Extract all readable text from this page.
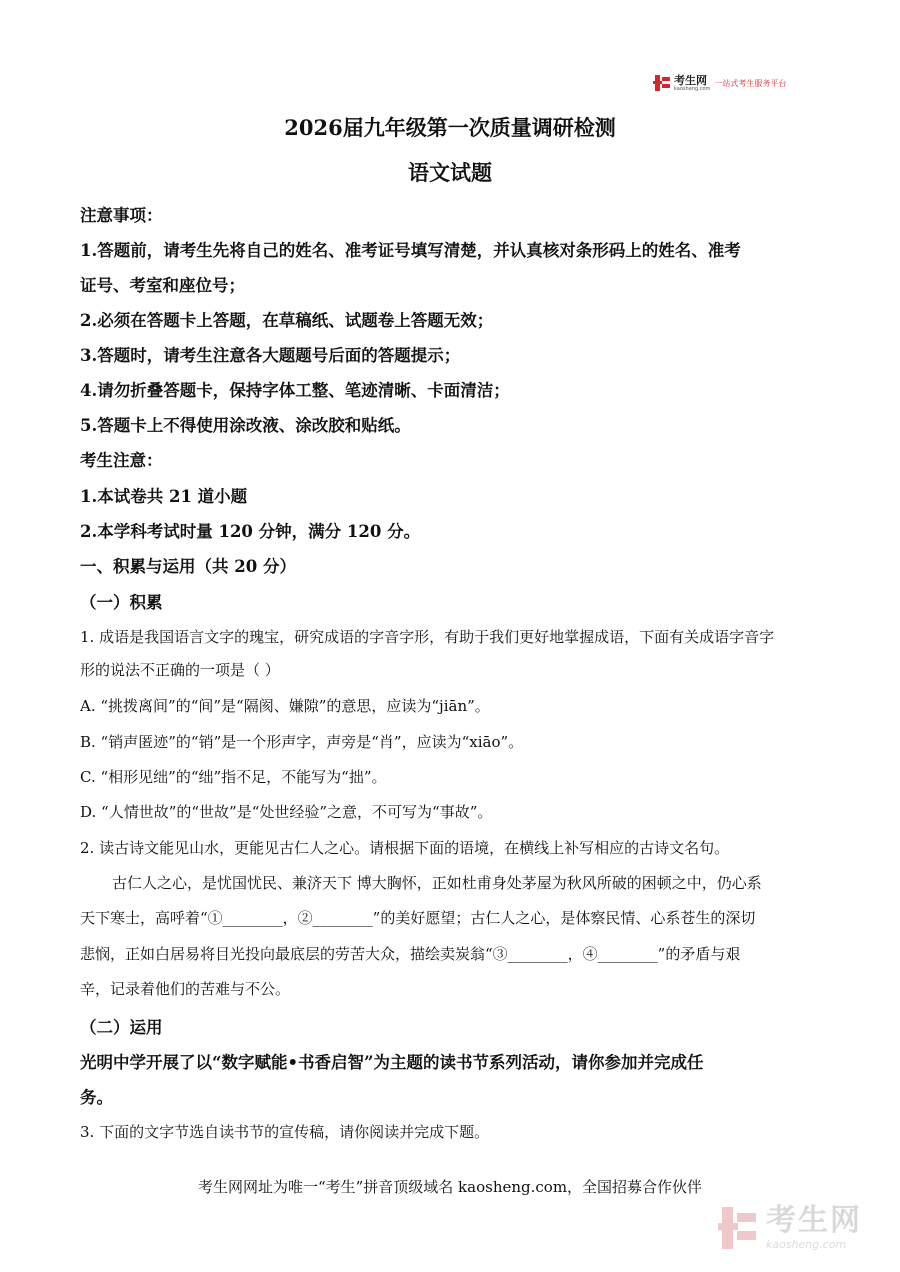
考生网
kaosheng.com
一站式考生服务平台
2026届九年级第一次质量调研检测
语文试题
注意事项：
1.答题前，请考生先将自己的姓名、准考证号填写清楚，并认真核对条形码上的姓名、准考
证号、考室和座位号；
2.必须在答题卡上答题，在草稿纸、试题卷上答题无效；
3.答题时，请考生注意各大题题号后面的答题提示；
4.请勿折叠答题卡，保持字体工整、笔迹清晰、卡面清洁；
5.答题卡上不得使用涂改液、涂改胶和贴纸。
考生注意：
1.本试卷共 21 道小题
2.本学科考试时量 120 分钟，满分 120 分。
一、积累与运用（共 20 分）
（一）积累
1. 成语是我国语言文字的瑰宝，研究成语的字音字形，有助于我们更好地掌握成语，下面有关成语字音字
形的说法不正确的一项是（ ）
A. “挑拨离间”的“间”是“隔阂、嫌隙”的意思，应读为“jiān”。
B. “销声匿迹”的“销”是一个形声字，声旁是“肖”，应读为“xiāo”。
C. “相形见绌”的“绌”指不足，不能写为“拙”。
D. “人情世故”的“世故”是“处世经验”之意，不可写为“事故”。
2. 读古诗文能见山水，更能见古仁人之心。请根据下面的语境，在横线上补写相应的古诗文名句。
古仁人之心，是忧国忧民、兼济天下 博大胸怀，正如杜甫身处茅屋为秋风所破的困顿之中，仍心系
天下寒士，高呼着“①________，②________”的美好愿望；古仁人之心，是体察民情、心系苍生的深切
悲悯，正如白居易将目光投向最底层的劳苦大众，描绘卖炭翁“③________，④________”的矛盾与艰
辛，记录着他们的苦难与不公。
（二）运用
光明中学开展了以“数字赋能•书香启智”为主题的读书节系列活动，请你参加并完成任
务。
3. 下面的文字节选自读书节的宣传稿，请你阅读并完成下题。
考生网网址为唯一“考生”拼音顶级域名 kaosheng.com，全国招募合作伙伴
考生网
kaosheng.com
